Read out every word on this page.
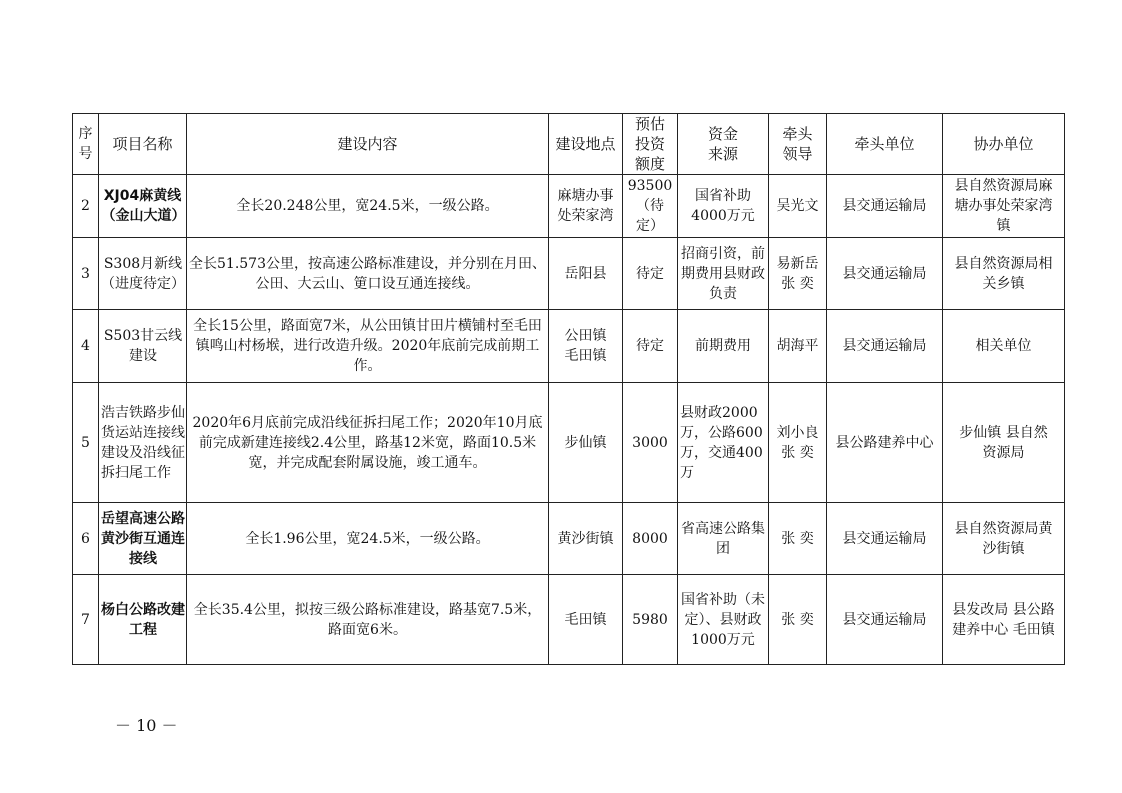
序号	项目名称	建设内容	建设地点	预估投资额度	资金来源	牵头领导	牵头单位	协办单位
2	XJ04麻黄线（金山大道）	全长20.248公里，宽24.5米，一级公路。	麻塘办事处荣家湾	93500（待定）	国省补助4000万元	吴光文	县交通运输局	县自然资源局麻塘办事处荣家湾镇

3	S308月新线（进度待定）	全长51.573公里，按高速公路标准建设，并分别在月田、公田、大云山、筻口设互通连接线。	岳阳县	待定	招商引资，前期费用县财政负责	易新岳 张 奕	县交通运输局	县自然资源局相关乡镇

4	S503甘云线建设	全长15公里，路面宽7米，从公田镇甘田片横铺村至毛田镇鸣山村杨堠，进行改造升级。2020年底前完成前期工作。	公田镇毛田镇	待定	前期费用	胡海平	县交通运输局	相关单位
5	浩吉铁路步仙货运站连接线建设及沿线征拆扫尾工作	2020年6月底前完成沿线征拆扫尾工作；2020年10月底前完成新建连接线2.4公里，路基12米宽，路面10.5米宽，并完成配套附属设施，竣工通车。	步仙镇	3000	县财政2000万，公路600万，交通400万	刘小良 张 奕	县公路建养中心	步仙镇 县自然资源局

6	岳望高速公路黄沙街互通连接线	全长1.96公里，宽24.5米，一级公路。	黄沙街镇	8000	省高速公路集团	张 奕	县交通运输局	县自然资源局黄沙街镇

7	杨白公路改建 工程	全长35.4公里，拟按三级公路标准建设，路基宽7.5米，路面宽6米。	毛田镇	5980	国省补助（未定）、县财政1000万元	张 奕	县交通运输局	县发改局 县公路建养中心 毛田镇
－ 10 －
